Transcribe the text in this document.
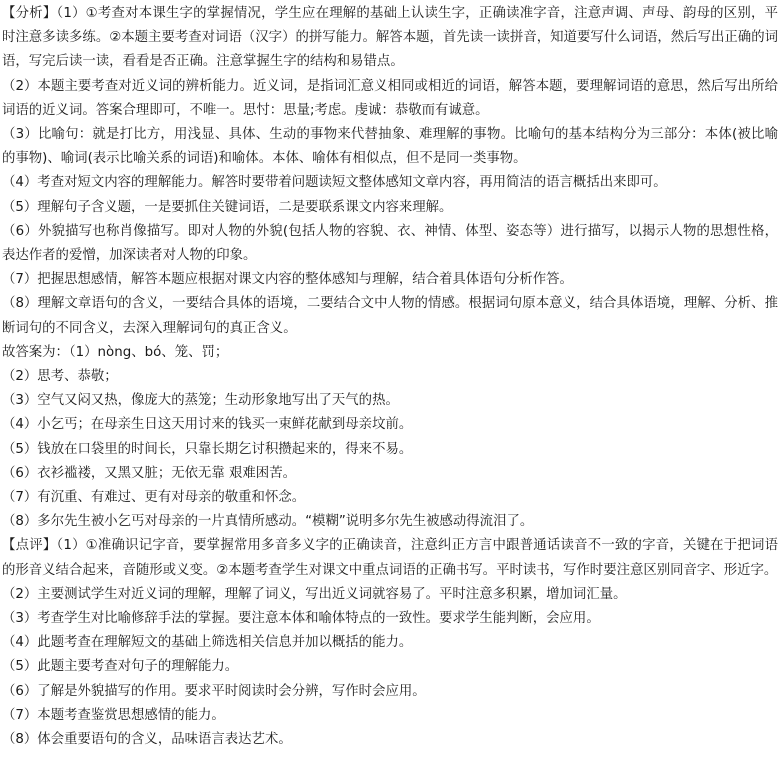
【分析】（1）①考查对本课生字的掌握情况，学生应在理解的基础上认读生字，正确读准字音，注意声调、声母、韵母的区别，平时注意多读多练。②本题主要考查对词语（汉字）的拼写能力。解答本题，首先读一读拼音，知道要写什么词语，然后写出正确的词语，写完后读一读，看看是否正确。注意掌握生字的结构和易错点。

（2）本题主要考查对近义词的辨析能力。近义词，是指词汇意义相同或相近的词语，解答本题，要理解词语的意思，然后写出所给词语的近义词。答案合理即可，不唯一。思忖：思量;考虑。虔诚：恭敬而有诚意。

（3）比喻句：就是打比方，用浅显、具体、生动的事物来代替抽象、难理解的事物。比喻句的基本结构分为三部分：本体(被比喻的事物)、喻词(表示比喻关系的词语)和喻体。本体、喻体有相似点，但不是同一类事物。

（4）考查对短文内容的理解能力。解答时要带着问题读短文整体感知文章内容，再用简洁的语言概括出来即可。

（5）理解句子含义题，一是要抓住关键词语，二是要联系课文内容来理解。

（6）外貌描写也称肖像描写。即对人物的外貌(包括人物的容貌、衣、神情、体型、姿态等）进行描写，以揭示人物的思想性格，表达作者的爱憎，加深读者对人物的印象。

（7）把握思想感情，解答本题应根据对课文内容的整体感知与理解，结合着具体语句分析作答。

（8）理解文章语句的含义，一要结合具体的语境，二要结合文中人物的情感。根据词句原本意义，结合具体语境，理解、分析、推断词句的不同含义，去深入理解词句的真正含义。

故答案为：（1）nòng、bó、笼、罚；

（2）思考、恭敬；

（3）空气又闷又热，像庞大的蒸笼；生动形象地写出了天气的热。

（4）小乞丐；在母亲生日这天用讨来的钱买一束鲜花献到母亲坟前。

（5）钱放在口袋里的时间长，只靠长期乞讨积攒起来的，得来不易。

（6）衣衫褴褛，又黑又脏；无依无靠 艰难困苦。

（7）有沉重、有难过、更有对母亲的敬重和怀念。

（8）多尔先生被小乞丐对母亲的一片真情所感动。“模糊”说明多尔先生被感动得流泪了。

【点评】（1）①准确识记字音，要掌握常用多音多义字的正确读音，注意纠正方言中跟普通话读音不一致的字音，关键在于把词语的形音义结合起来，音随形或义变。②本题考查学生对课文中重点词语的正确书写。平时读书，写作时要注意区别同音字、形近字。

（2）主要测试学生对近义词的理解，理解了词义，写出近义词就容易了。平时注意多积累，增加词汇量。

（3）考查学生对比喻修辞手法的掌握。要注意本体和喻体特点的一致性。要求学生能判断，会应用。

（4）此题考查在理解短文的基础上筛选相关信息并加以概括的能力。

（5）此题主要考查对句子的理解能力。

（6）了解是外貌描写的作用。要求平时阅读时会分辨，写作时会应用。

（7）本题考查鉴赏思想感情的能力。

（8）体会重要语句的含义，品味语言表达艺术。
